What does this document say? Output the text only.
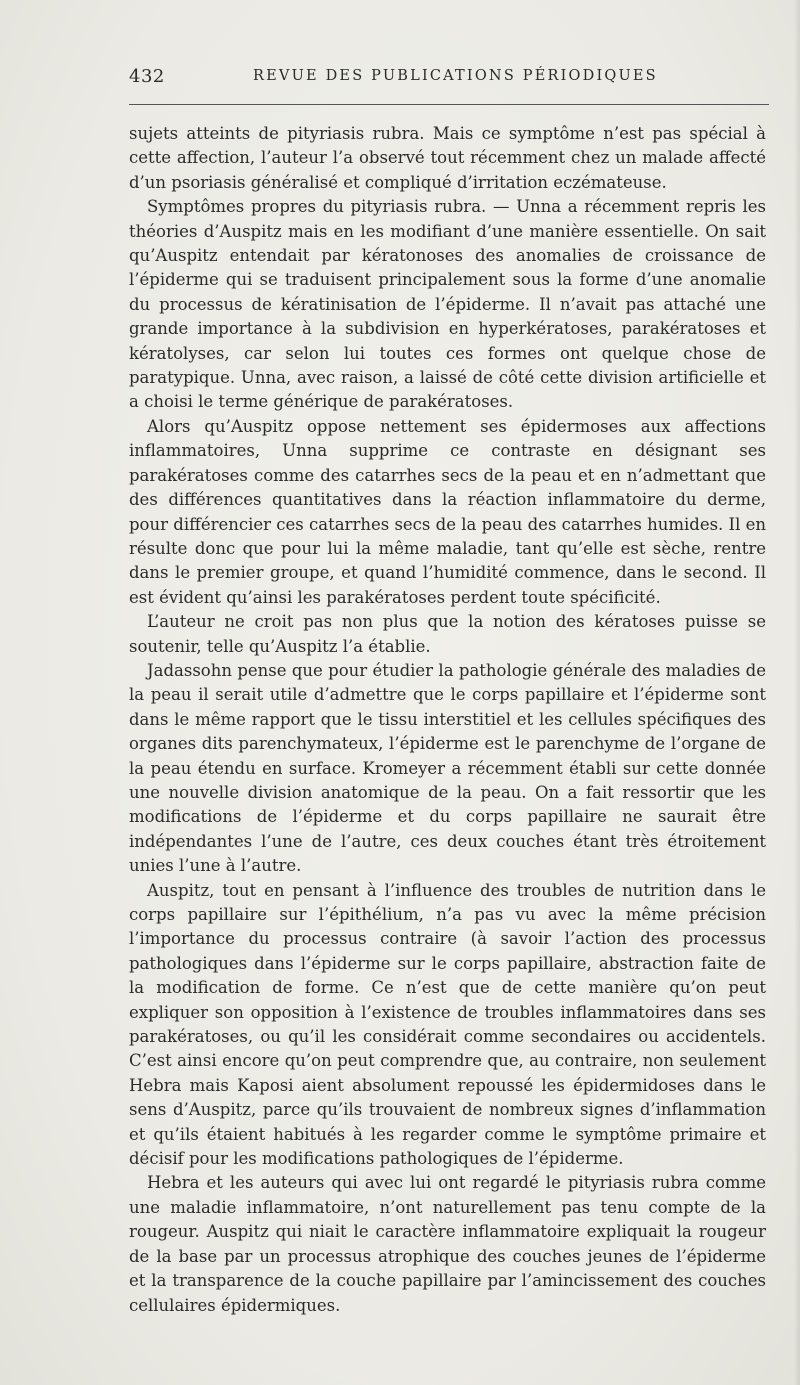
432	REVUE DES PUBLICATIONS PÉRIODIQUES

sujets atteints de pityriasis rubra. Mais ce symptôme n’est pas spécial à cette affection, l’auteur l’a observé tout récemment chez un malade affecté d’un psoriasis généralisé et compliqué d’irritation eczémateuse.

Symptômes propres du pityriasis rubra. — Unna a récemment repris les théories d’Auspitz mais en les modifiant d’une manière essentielle. On sait qu’Auspitz entendait par kératonoses des anomalies de croissance de l’épiderme qui se traduisent principalement sous la forme d’une anomalie du processus de kératinisation de l’épiderme. Il n’avait pas attaché une grande importance à la subdivision en hyperkératoses, parakératoses et kératolyses, car selon lui toutes ces formes ont quelque chose de paratypique. Unna, avec raison, a laissé de côté cette division artificielle et a choisi le terme générique de parakératoses.

Alors qu’Auspitz oppose nettement ses épidermoses aux affections inflammatoires, Unna supprime ce contraste en désignant ses parakératoses comme des catarrhes secs de la peau et en n’admettant que des différences quantitatives dans la réaction inflammatoire du derme, pour différencier ces catarrhes secs de la peau des catarrhes humides. Il en résulte donc que pour lui la même maladie, tant qu’elle est sèche, rentre dans le premier groupe, et quand l’humidité commence, dans le second. Il est évident qu’ainsi les parakératoses perdent toute spécificité.

L’auteur ne croit pas non plus que la notion des kératoses puisse se soutenir, telle qu’Auspitz l’a établie.

Jadassohn pense que pour étudier la pathologie générale des maladies de la peau il serait utile d’admettre que le corps papillaire et l’épiderme sont dans le même rapport que le tissu interstitiel et les cellules spécifiques des organes dits parenchymateux, l’épiderme est le parenchyme de l’organe de la peau étendu en surface. Kromeyer a récemment établi sur cette donnée une nouvelle division anatomique de la peau. On a fait ressortir que les modifications de l’épiderme et du corps papillaire ne saurait être indépendantes l’une de l’autre, ces deux couches étant très étroitement unies l’une à l’autre.

Auspitz, tout en pensant à l’influence des troubles de nutrition dans le corps papillaire sur l’épithélium, n’a pas vu avec la même précision l’importance du processus contraire (à savoir l’action des processus pathologiques dans l’épiderme sur le corps papillaire, abstraction faite de la modification de forme. Ce n’est que de cette manière qu’on peut expliquer son opposition à l’existence de troubles inflammatoires dans ses parakératoses, ou qu’il les considérait comme secondaires ou accidentels. C’est ainsi encore qu’on peut comprendre que, au contraire, non seulement Hebra mais Kaposi aient absolument repoussé les épidermidoses dans le sens d’Auspitz, parce qu’ils trouvaient de nombreux signes d’inflammation et qu’ils étaient habitués à les regarder comme le symptôme primaire et décisif pour les modifications pathologiques de l’épiderme.

Hebra et les auteurs qui avec lui ont regardé le pityriasis rubra comme une maladie inflammatoire, n’ont naturellement pas tenu compte de la rougeur. Auspitz qui niait le caractère inflammatoire expliquait la rougeur de la base par un processus atrophique des couches jeunes de l’épiderme et la transparence de la couche papillaire par l’amincissement des couches cellulaires épidermiques.
